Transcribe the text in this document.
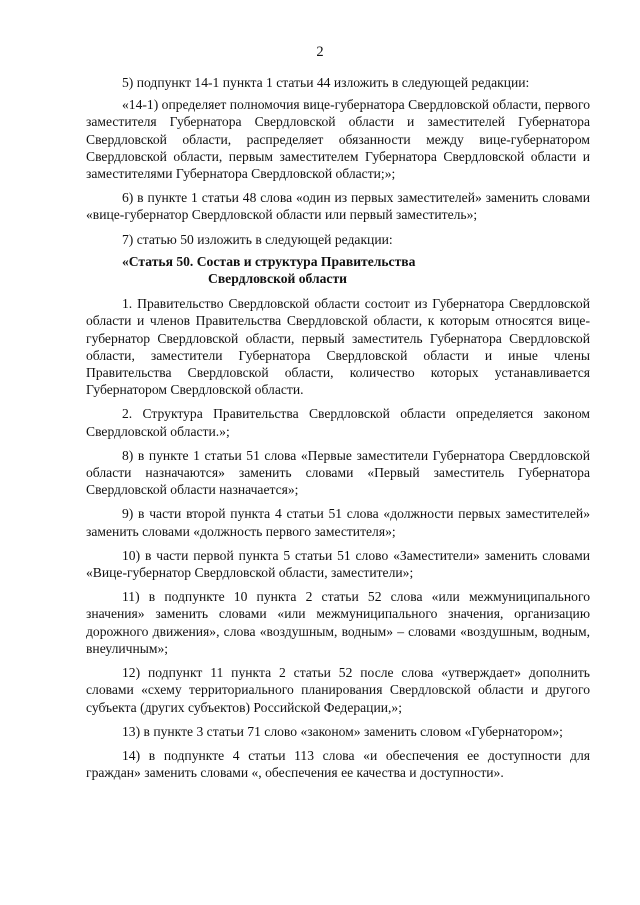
2

5) подпункт 14-1 пункта 1 статьи 44 изложить в следующей редакции:

«14-1) определяет полномочия вице-губернатора Свердловской области, первого заместителя Губернатора Свердловской области и заместителей Губернатора Свердловской области, распределяет обязанности между вице-губернатором Свердловской области, первым заместителем Губернатора Свердловской области и заместителями Губернатора Свердловской области;»;

6) в пункте 1 статьи 48 слова «один из первых заместителей» заменить словами «вице-губернатор Свердловской области или первый заместитель»;

7) статью 50 изложить в следующей редакции:

«Статья 50. Состав и структура Правительства
Свердловской области

1. Правительство Свердловской области состоит из Губернатора Свердловской области и членов Правительства Свердловской области, к которым относятся вице-губернатор Свердловской области, первый заместитель Губернатора Свердловской области, заместители Губернатора Свердловской области и иные члены Правительства Свердловской области, количество которых устанавливается Губернатором Свердловской области.

2. Структура Правительства Свердловской области определяется законом Свердловской области.»;

8) в пункте 1 статьи 51 слова «Первые заместители Губернатора Свердловской области назначаются» заменить словами «Первый заместитель Губернатора Свердловской области назначается»;

9) в части второй пункта 4 статьи 51 слова «должности первых заместителей» заменить словами «должность первого заместителя»;

10) в части первой пункта 5 статьи 51 слово «Заместители» заменить словами «Вице-губернатор Свердловской области, заместители»;

11) в подпункте 10 пункта 2 статьи 52 слова «или межмуниципального значения» заменить словами «или межмуниципального значения, организацию дорожного движения», слова «воздушным, водным» – словами «воздушным, водным, внеуличным»;

12) подпункт 11 пункта 2 статьи 52 после слова «утверждает» дополнить словами «схему территориального планирования Свердловской области и другого субъекта (других субъектов) Российской Федерации,»;

13) в пункте 3 статьи 71 слово «законом» заменить словом «Губернатором»;

14) в подпункте 4 статьи 113 слова «и обеспечения ее доступности для граждан» заменить словами «, обеспечения ее качества и доступности».
